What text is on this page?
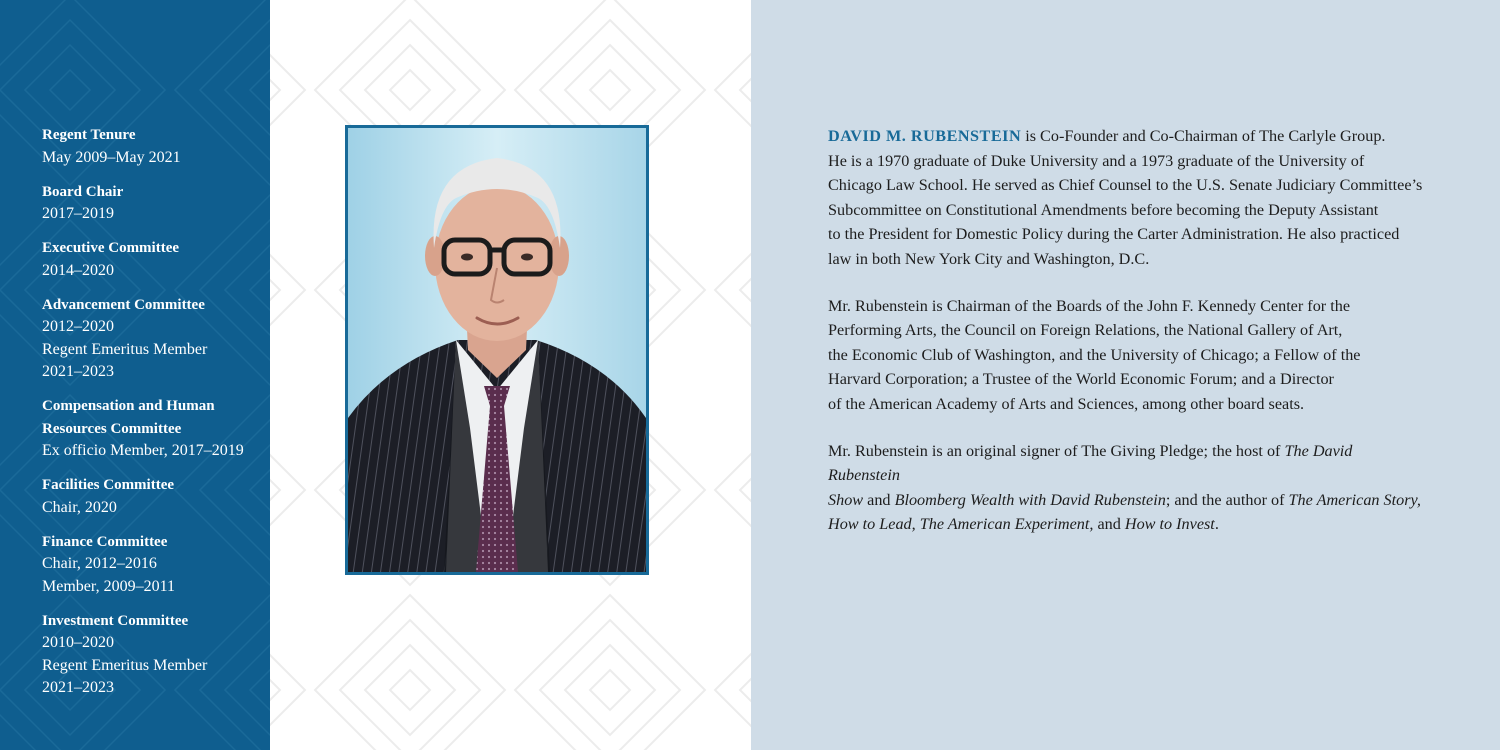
Regent Tenure
May 2009–May 2021
Board Chair
2017–2019
Executive Committee
2014–2020
Advancement Committee
2012–2020
Regent Emeritus Member
2021–2023
Compensation and Human
Resources Committee
Ex officio Member, 2017–2019
Facilities Committee
Chair, 2020
Finance Committee
Chair, 2012–2016
Member, 2009–2011
Investment Committee
2010–2020
Regent Emeritus Member
2021–2023

DAVID M. RUBENSTEIN is Co-Founder and Co-Chairman of The Carlyle Group.
He is a 1970 graduate of Duke University and a 1973 graduate of the University of
Chicago Law School. He served as Chief Counsel to the U.S. Senate Judiciary Committee’s
Subcommittee on Constitutional Amendments before becoming the Deputy Assistant
to the President for Domestic Policy during the Carter Administration. He also practiced
law in both New York City and Washington, D.C.

Mr. Rubenstein is Chairman of the Boards of the John F. Kennedy Center for the
Performing Arts, the Council on Foreign Relations, the National Gallery of Art,
the Economic Club of Washington, and the University of Chicago; a Fellow of the
Harvard Corporation; a Trustee of the World Economic Forum; and a Director
of the American Academy of Arts and Sciences, among other board seats.

Mr. Rubenstein is an original signer of The Giving Pledge; the host of The David Rubenstein
Show and Bloomberg Wealth with David Rubenstein; and the author of The American Story,
How to Lead, The American Experiment, and How to Invest.
